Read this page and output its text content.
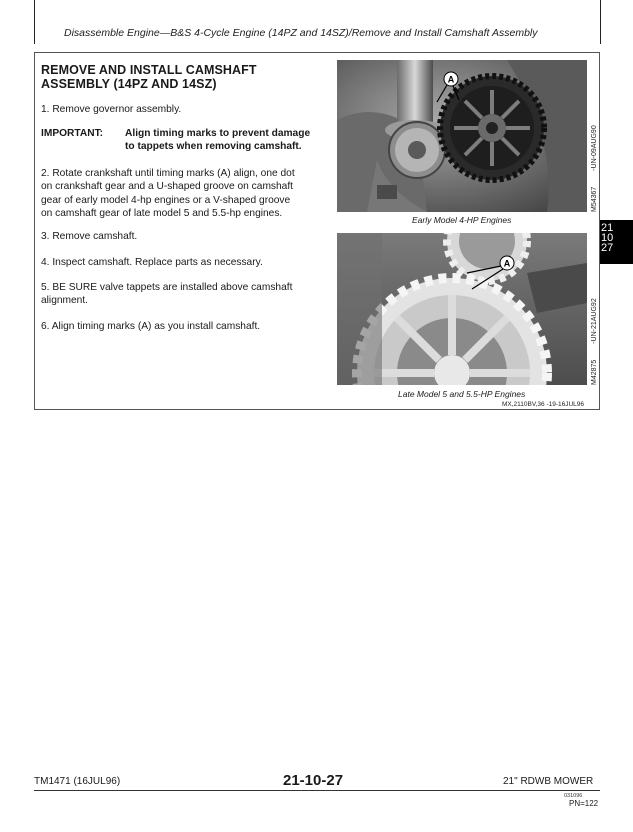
Disassemble Engine—B&S 4-Cycle Engine (14PZ and 14SZ)/Remove and Install Camshaft Assembly
REMOVE AND INSTALL CAMSHAFT
ASSEMBLY (14PZ AND 14SZ)
1. Remove governor assembly.
IMPORTANT: Align timing marks to prevent damage
to tappets when removing camshaft.
2. Rotate crankshaft until timing marks (A) align, one dot
on crankshaft gear and a U-shaped groove on camshaft
gear of early model 4-hp engines or a V-shaped groove
on camshaft gear of late model 5 and 5.5-hp engines.
3. Remove camshaft.
4. Inspect camshaft. Replace parts as necessary.
5. BE SURE valve tappets are installed above camshaft
alignment.
6. Align timing marks (A) as you install camshaft.
A
Early Model 4-HP Engines
M54367  -UN-09AUG90
A
Late Model 5 and 5.5-HP Engines
M42875  -UN-21AUG92
MX,2110BV,36 -19-16JUL96
21
10
27
TM1471 (16JUL96)	21-10-27	21" RDWB MOWER
031096
PN=122
